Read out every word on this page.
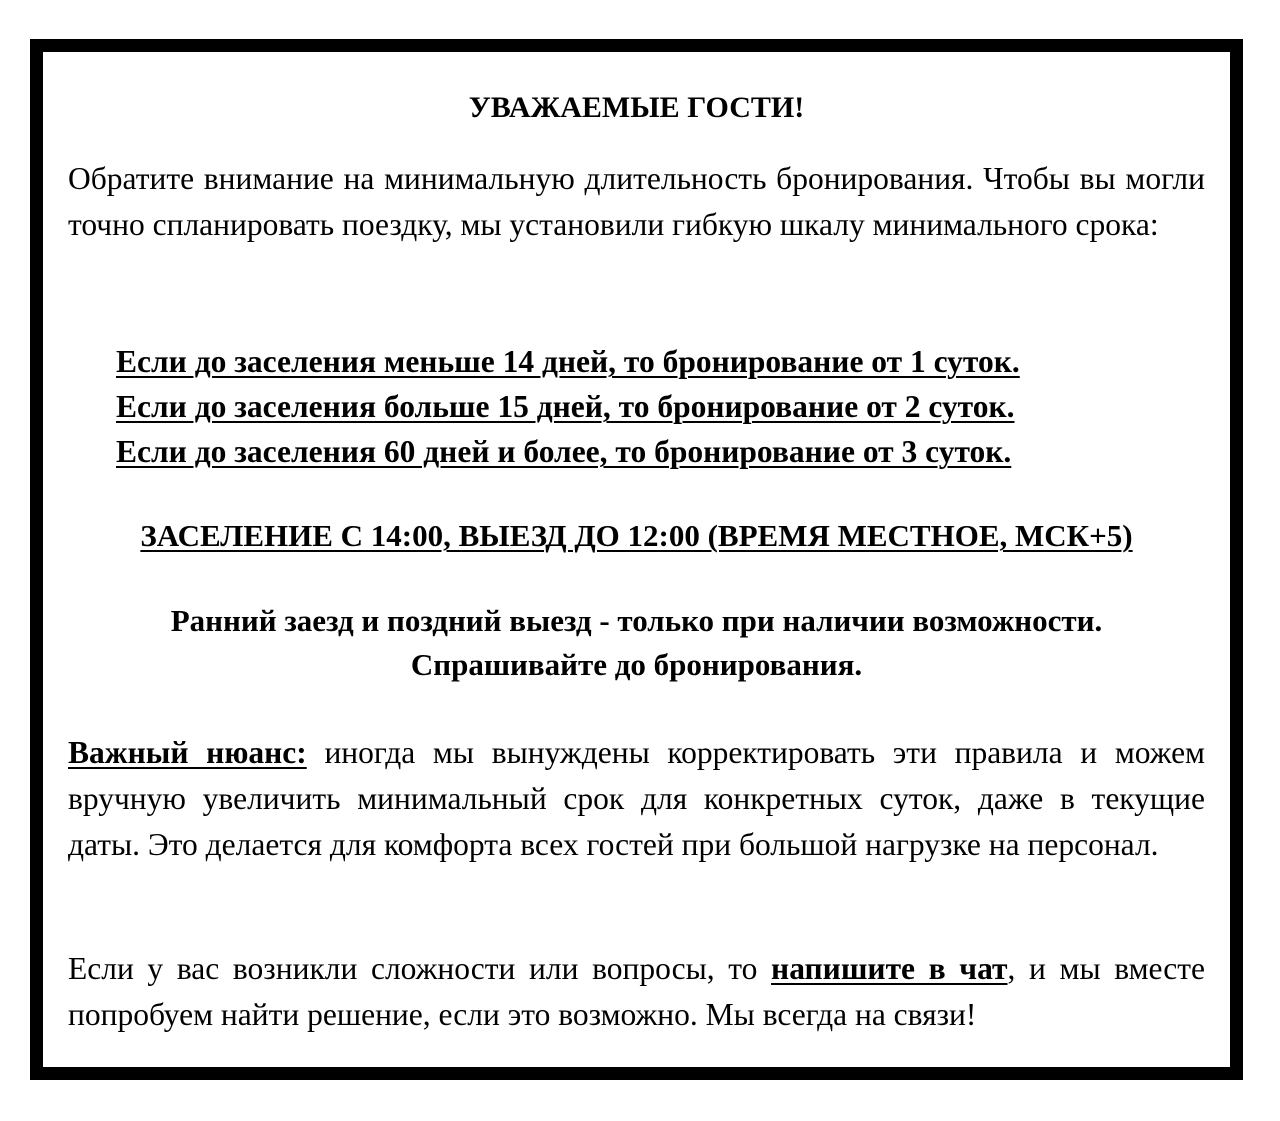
УВАЖАЕМЫЕ ГОСТИ!

Обратите внимание на минимальную длительность бронирования. Чтобы вы могли точно спланировать поездку, мы установили гибкую шкалу минимального срока:

Если до заселения меньше 14 дней, то бронирование от 1 суток.
Если до заселения больше 15 дней, то бронирование от 2 суток.
Если до заселения 60 дней и более, то бронирование от 3 суток.

ЗАСЕЛЕНИЕ С 14:00, ВЫЕЗД ДО 12:00 (ВРЕМЯ МЕСТНОЕ, МСК+5)

Ранний заезд и поздний выезд - только при наличии возможности.
Спрашивайте до бронирования.

Важный нюанс: иногда мы вынуждены корректировать эти правила и можем вручную увеличить минимальный срок для конкретных суток, даже в текущие даты. Это делается для комфорта всех гостей при большой нагрузке на персонал.

Если у вас возникли сложности или вопросы, то напишите в чат, и мы вместе попробуем найти решение, если это возможно. Мы всегда на связи!
